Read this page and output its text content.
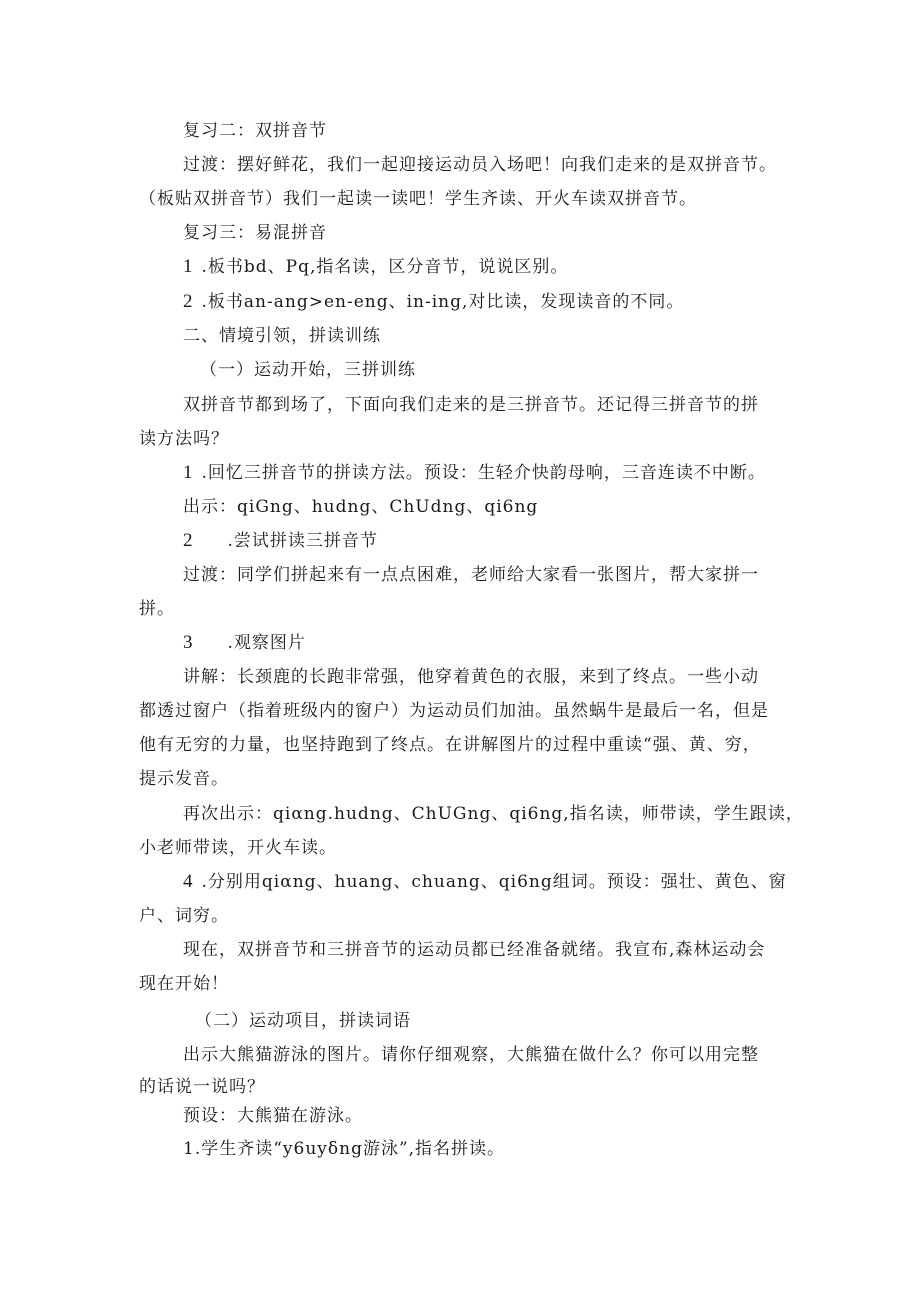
复习二：双拼音节
过渡：摆好鲜花，我们一起迎接运动员入场吧！向我们走来的是双拼音节。
（板贴双拼音节）我们一起读一读吧！学生齐读、开火车读双拼音节。
复习三：易混拼音
1 .板书bd、Pq,指名读，区分音节，说说区别。
2 .板书an-ang>en-eng、in-ing,对比读，发现读音的不同。
二、情境引领，拼读训练
（一）运动开始，三拼训练
双拼音节都到场了，下面向我们走来的是三拼音节。还记得三拼音节的拼
读方法吗？
1 .回忆三拼音节的拼读方法。预设：生轻介快韵母响，三音连读不中断。
出示：qiGng、hudng、ChUdng、qi6ng
2 .尝试拼读三拼音节
过渡：同学们拼起来有一点点困难，老师给大家看一张图片，帮大家拼一
拼。
3 .观察图片
讲解：长颈鹿的长跑非常强，他穿着黄色的衣服，来到了终点。一些小动
都透过窗户（指着班级内的窗户）为运动员们加油。虽然蜗牛是最后一名，但是
他有无穷的力量，也坚持跑到了终点。在讲解图片的过程中重读“强、黄、穷，
提示发音。
再次出示：qiαng.hudng、ChUGng、qi6ng,指名读，师带读，学生跟读，
小老师带读，开火车读。
4 .分别用qiαng、huang、chuang、qi6ng组词。预设：强壮、黄色、窗
户、词穷。
现在，双拼音节和三拼音节的运动员都已经准备就绪。我宣布,森林运动会
现在开始！
（二）运动项目，拼读词语
出示大熊猫游泳的图片。请你仔细观察，大熊猫在做什么？你可以用完整
的话说一说吗？
预设：大熊猫在游泳。
1.学生齐读“y6uyδng游泳”,指名拼读。
